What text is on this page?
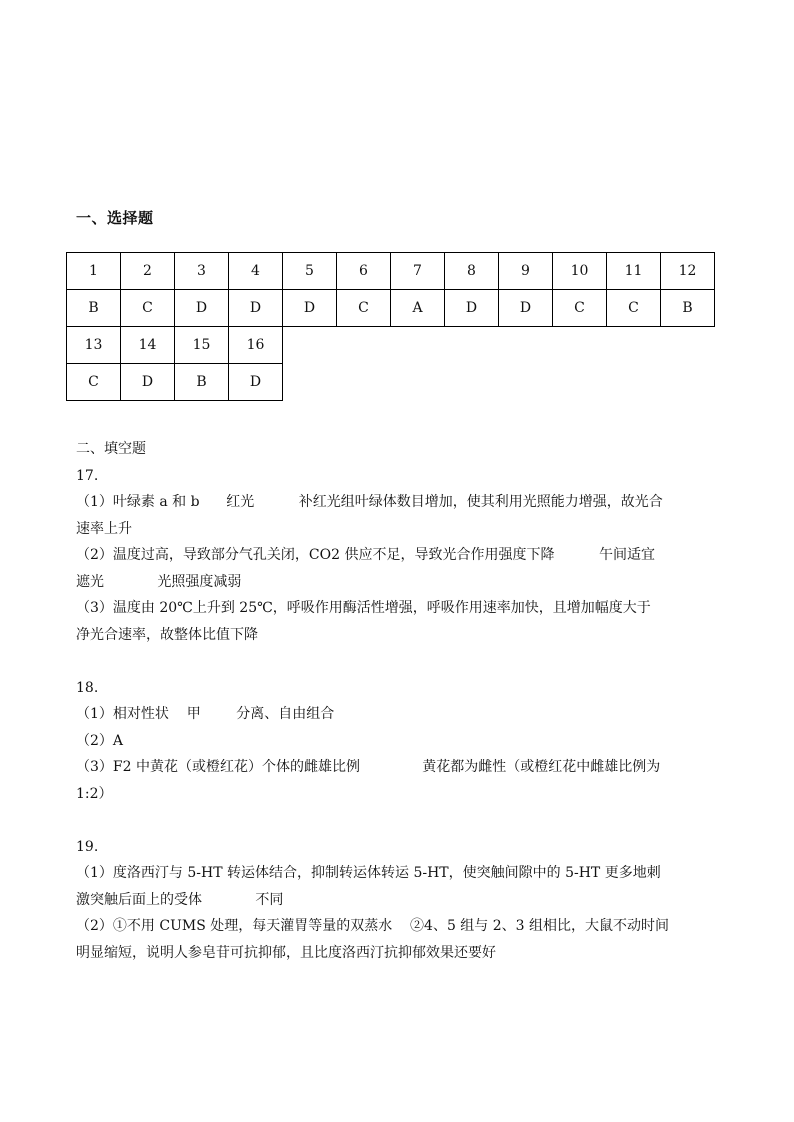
一、选择题
1	2	3	4	5	6	7	8	9	10	11	12
B	C	D	D	D	C	A	D	D	C	C	B
13	14	15	16								
C	D	B	D								
二、填空题
17.
（1）叶绿素 a 和 b      红光          补红光组叶绿体数目增加，使其利用光照能力增强，故光合
速率上升
（2）温度过高，导致部分气孔关闭，CO2 供应不足，导致光合作用强度下降          午间适宜
遮光            光照强度减弱
（3）温度由 20℃上升到 25℃，呼吸作用酶活性增强，呼吸作用速率加快，且增加幅度大于
净光合速率，故整体比值下降
18.
（1）相对性状    甲        分离、自由组合
（2）A
（3）F2 中黄花（或橙红花）个体的雌雄比例              黄花都为雌性（或橙红花中雌雄比例为
1:2）
19.
（1）度洛西汀与 5-HT 转运体结合，抑制转运体转运 5-HT，使突触间隙中的 5-HT 更多地刺
激突触后面上的受体            不同
（2）①不用 CUMS 处理，每天灌胃等量的双蒸水    ②4、5 组与 2、3 组相比，大鼠不动时间
明显缩短，说明人参皂苷可抗抑郁，且比度洛西汀抗抑郁效果还要好
